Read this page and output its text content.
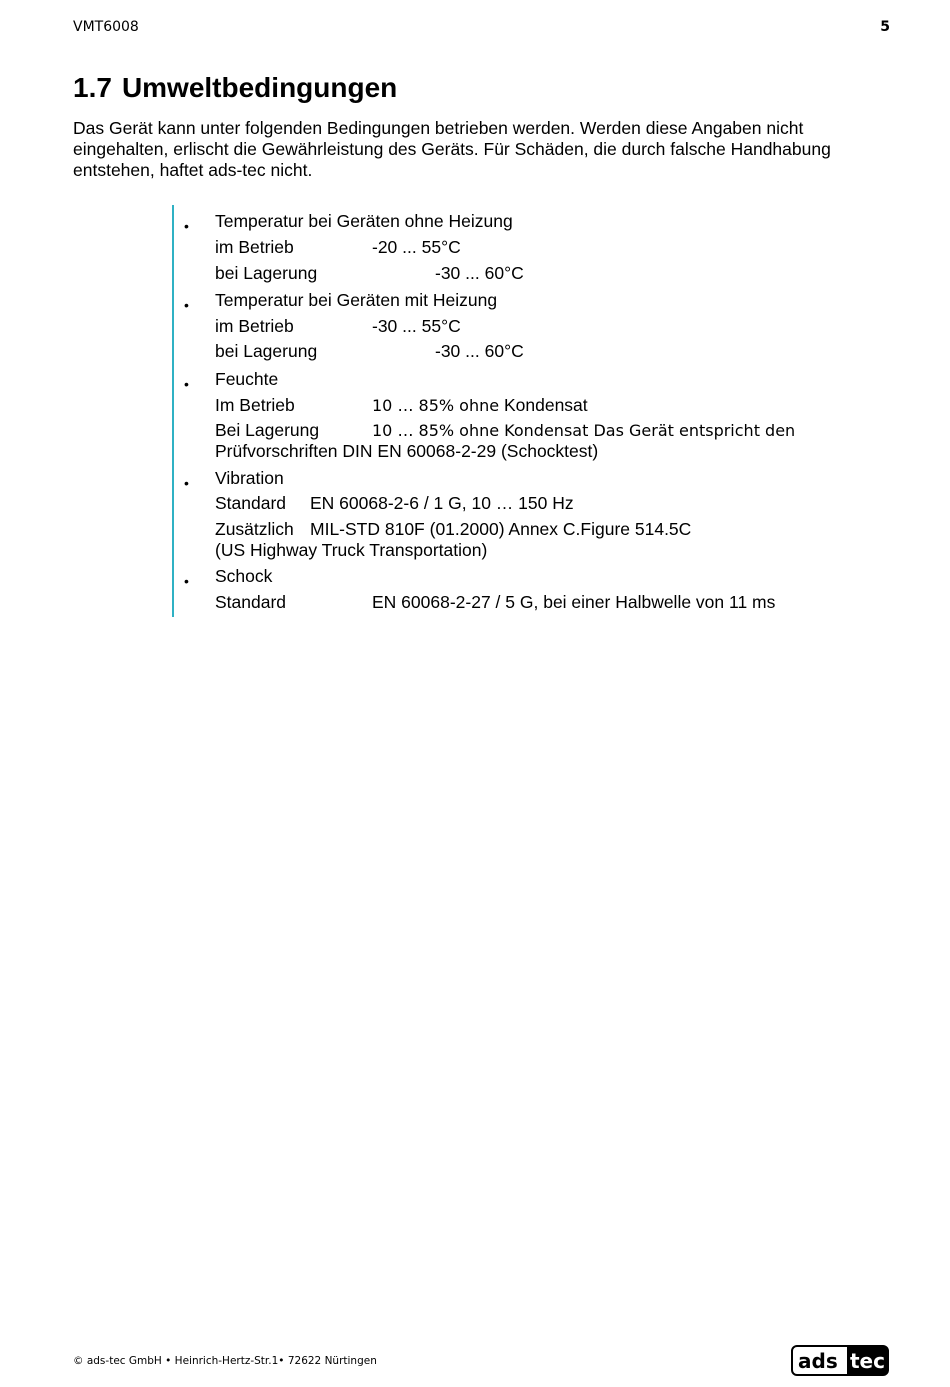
VMT6008	5
1.7 Umweltbedingungen
Das Gerät kann unter folgenden Bedingungen betrieben werden. Werden diese Angaben nicht eingehalten, erlischt die Gewährleistung des Geräts. Für Schäden, die durch falsche Handhabung entstehen, haftet ads-tec nicht.
• Temperatur bei Geräten ohne Heizung
im Betrieb	-20 ... 55°C
bei Lagerung	-30 ... 60°C
• Temperatur bei Geräten mit Heizung
im Betrieb	-30 ... 55°C
bei Lagerung	-30 ... 60°C
• Feuchte
Im Betrieb	10 … 85% ohne Kondensat
Bei Lagerung	10 … 85% ohne Kondensat Das Gerät entspricht den
Prüfvorschriften DIN EN 60068-2-29 (Schocktest)
• Vibration
Standard EN 60068-2-6 / 1 G, 10 … 150 Hz
Zusätzlich MIL-STD 810F (01.2000) Annex C.Figure 514.5C
(US Highway Truck Transportation)
• Schock
Standard	EN 60068-2-27 / 5 G, bei einer Halbwelle von 11 ms
© ads-tec GmbH • Heinrich-Hertz-Str.1• 72622 Nürtingen	ads tec
